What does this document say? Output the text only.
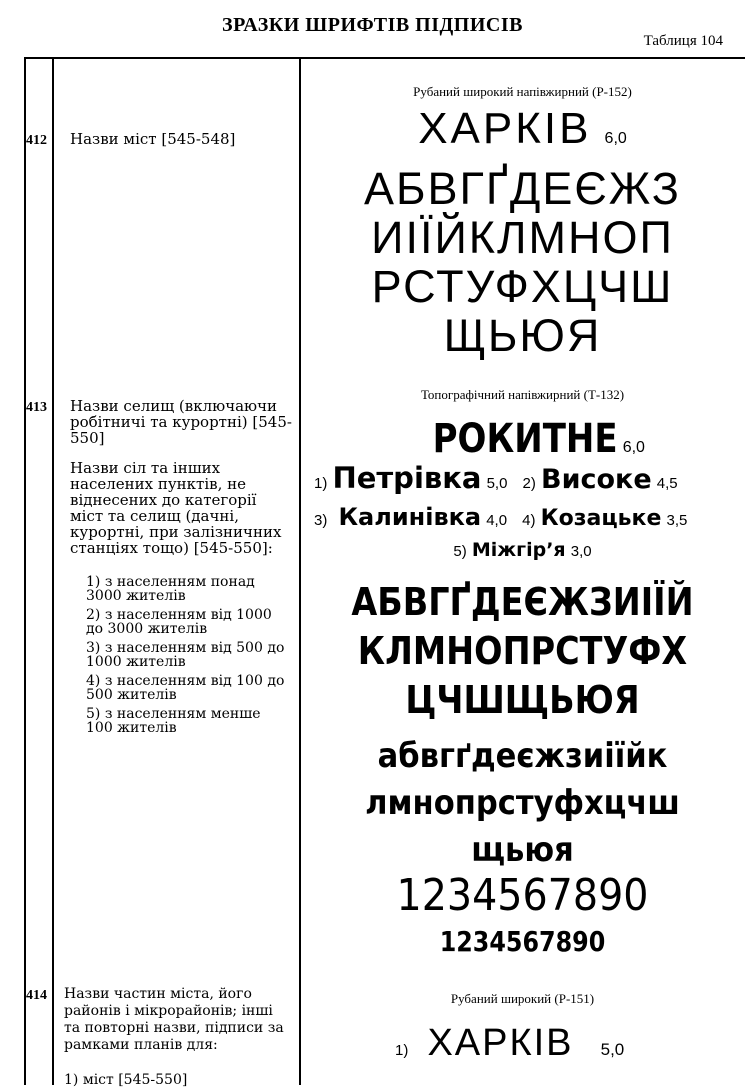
ЗРАЗКИ ШРИФТІВ ПІДПИСІВ
Таблиця 104
412 Назви міст [545-548]
Рубаний широкий напівжирний (Р-152)
ХАРКІВ 6,0
АБВГҐДЕЄЖЗ
ИІЇЙКЛМНОП
РСТУФХЦЧШ
ЩЬЮЯ
413 Назви селищ (включаючи робітничі та курортні) [545-550]
Назви сіл та інших населених пунктів, не віднесених до категорії міст та селищ (дачні, курортні, при залізничних станціях тощо) [545-550]:
1) з населенням понад 3000 жителів
2) з населенням від 1000 до 3000 жителів
3) з населенням від 500 до 1000 жителів
4) з населенням від 100 до 500 жителів
5) з населенням менше 100 жителів
Топографічний напівжирний (Т-132)
РОКИТНЕ 6,0
1) Петрівка 5,0 2) Високе 4,5
3) Калинівка 4,0 4) Козацьке 3,5
5) Міжгір’я 3,0
АБВГҐДЕЄЖЗИІЇЙ
КЛМНОПРСТУФХ
ЦЧШЩЬЮЯ
абвгґдеєжзиіїйк
лмнопрстуфхцчш
щьюя
1234567890
1234567890
414 Назви частин міста, його районів і мікрорайонів; інші та повторні назви, підписи за рамками планів для:
1) міст [545-550]
Рубаний широкий (Р-151)
1) ХАРКІВ 5,0
